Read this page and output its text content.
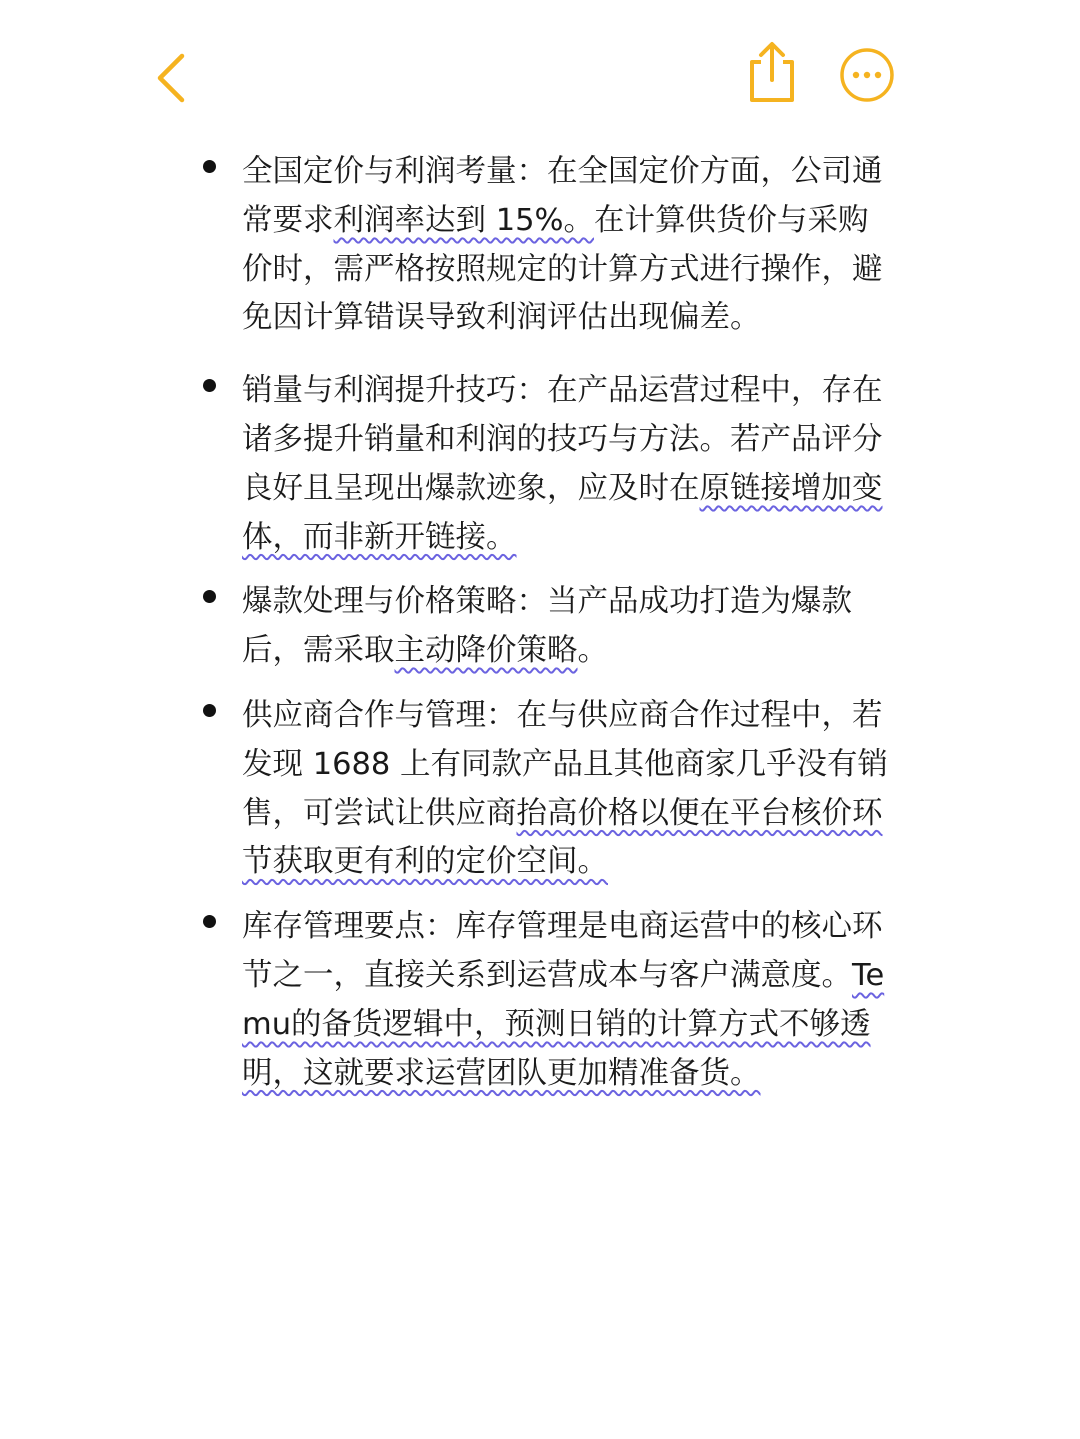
全国定价与利润考量：在全国定价方面，公司通常要求利润率达到 15%。在计算供货价与采购价时，需严格按照规定的计算方式进行操作，避免因计算错误导致利润评估出现偏差。
销量与利润提升技巧：在产品运营过程中，存在诸多提升销量和利润的技巧与方法。若产品评分良好且呈现出爆款迹象，应及时在原链接增加变体，而非新开链接。
爆款处理与价格策略：当产品成功打造为爆款后，需采取主动降价策略。
供应商合作与管理：在与供应商合作过程中，若发现 1688 上有同款产品且其他商家几乎没有销售，可尝试让供应商抬高价格以便在平台核价环节获取更有利的定价空间。
库存管理要点：库存管理是电商运营中的核心环节之一，直接关系到运营成本与客户满意度。Temu的备货逻辑中，预测日销的计算方式不够透明，这就要求运营团队更加精准备货。
